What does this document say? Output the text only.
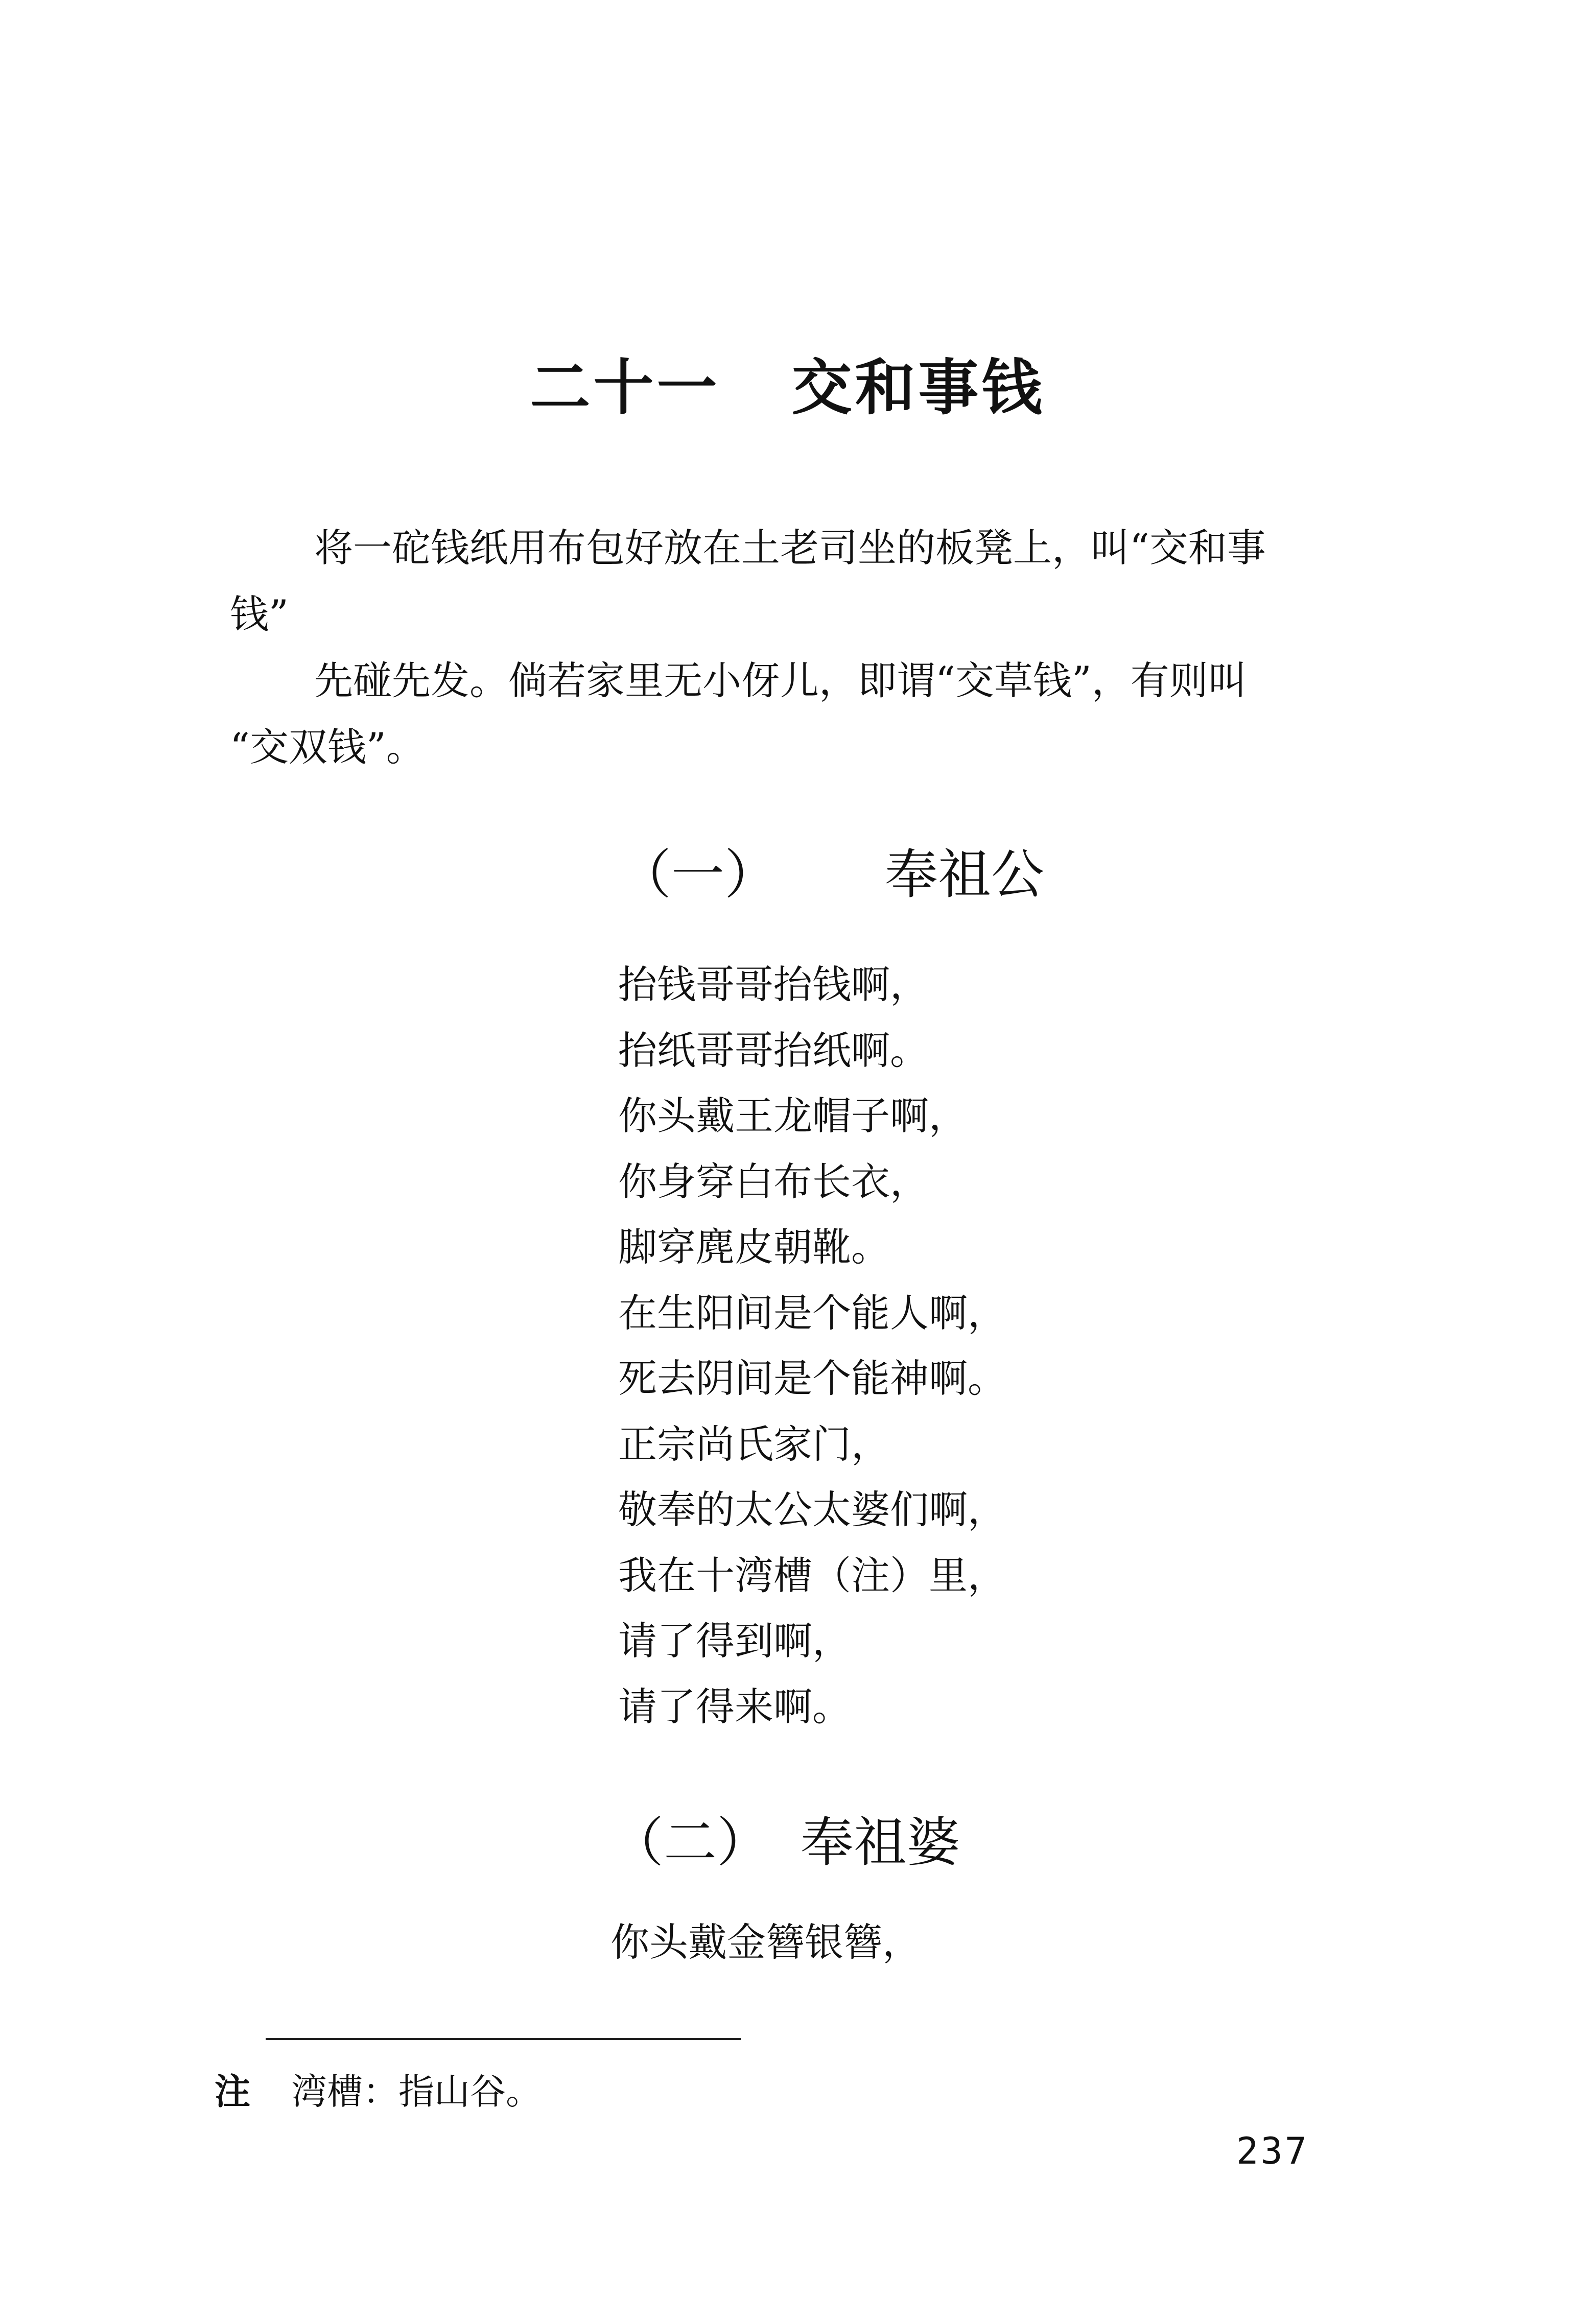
二十一 交和事钱
将一砣钱纸用布包好放在土老司坐的板凳上，叫“交和事
钱”
先碰先发。倘若家里无小伢儿，即谓“交草钱”，有则叫
“交双钱”。
（一） 奉祖公
抬钱哥哥抬钱啊，
抬纸哥哥抬纸啊。
你头戴王龙帽子啊，
你身穿白布长衣，
脚穿麂皮朝靴。
在生阳间是个能人啊，
死去阴间是个能神啊。
正宗尚氏家门，
敬奉的太公太婆们啊，
我在十湾槽（注）里，
请了得到啊，
请了得来啊。
（二） 奉祖婆
你头戴金簪银簪，
注 湾槽：指山谷。
237
